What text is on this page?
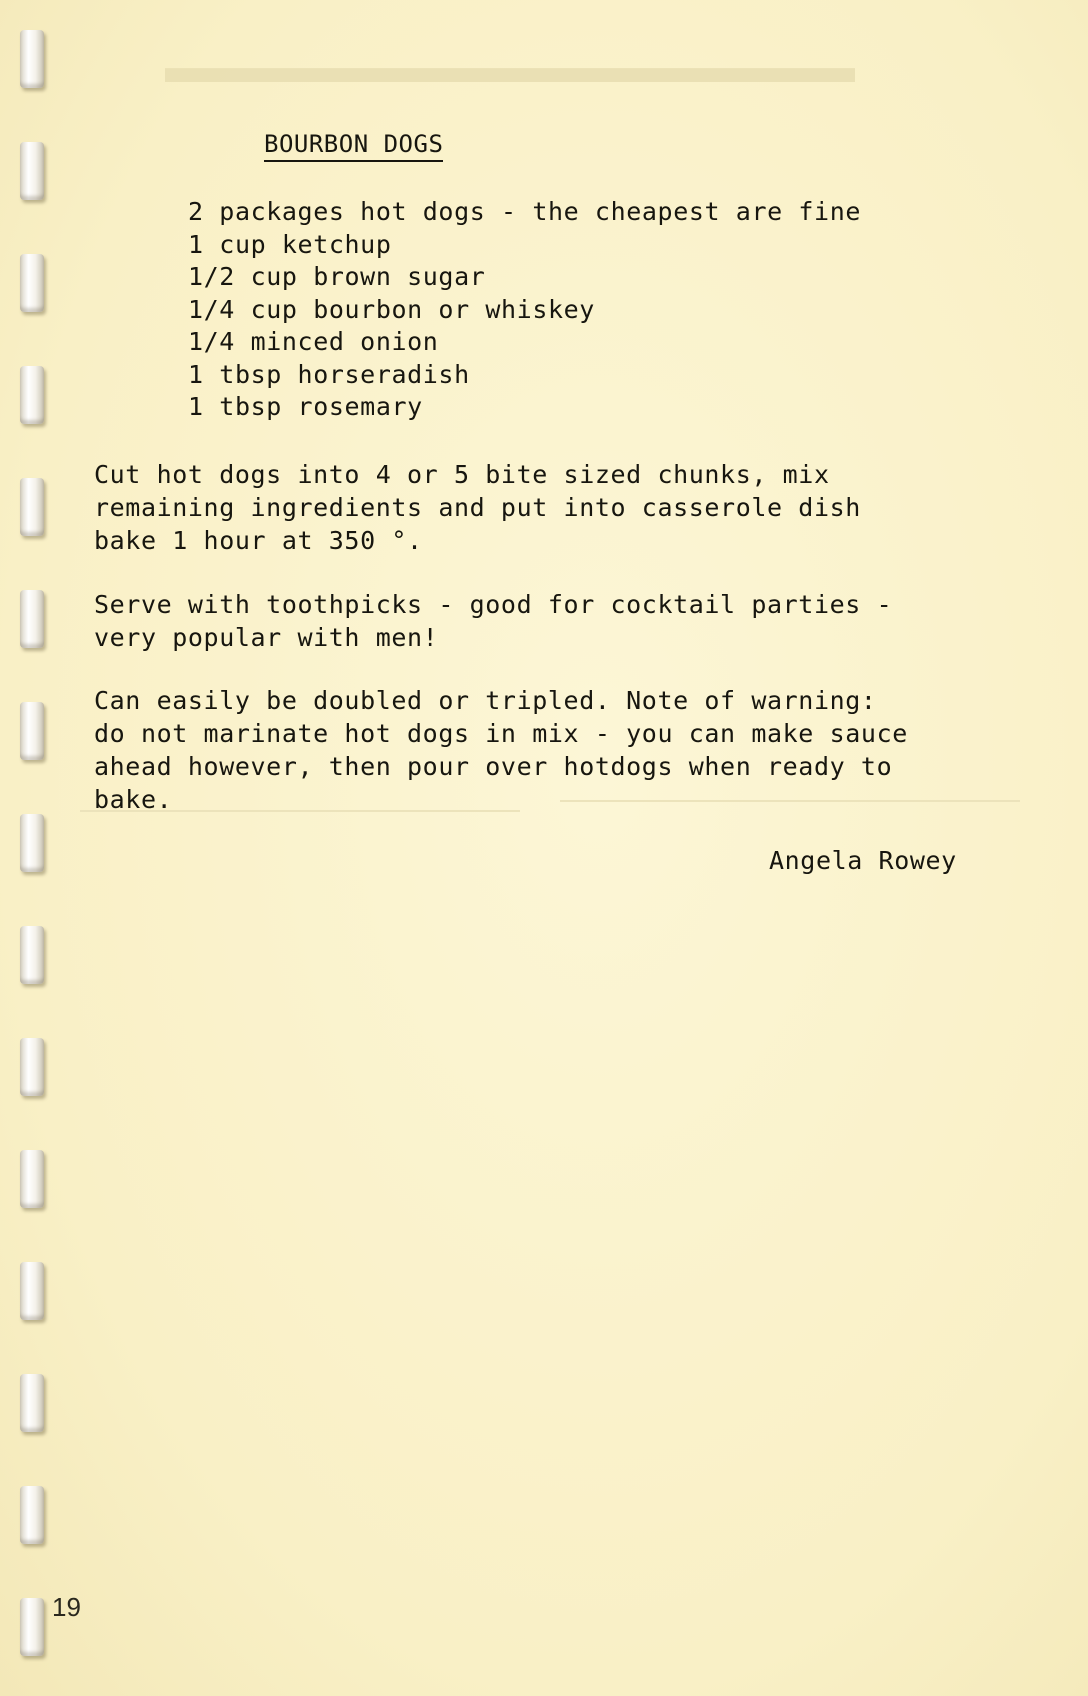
▬▬▬▬▬▬▬▬▬▬▬▬▬▬▬
BOURBON DOGS
2 packages hot dogs - the cheapest are fine
1 cup ketchup
1/2 cup brown sugar
1/4 cup bourbon or whiskey
1/4 minced onion
1 tbsp horseradish
1 tbsp rosemary

Cut hot dogs into 4 or 5 bite sized chunks, mix
remaining ingredients and put into casserole dish
bake 1 hour at 350 °.

Serve with toothpicks - good for cocktail parties -
very popular with men!

Can easily be doubled or tripled. Note of warning:
do not marinate hot dogs in mix - you can make sauce
ahead however, then pour over hotdogs when ready to
bake.

Angela Rowey
19
